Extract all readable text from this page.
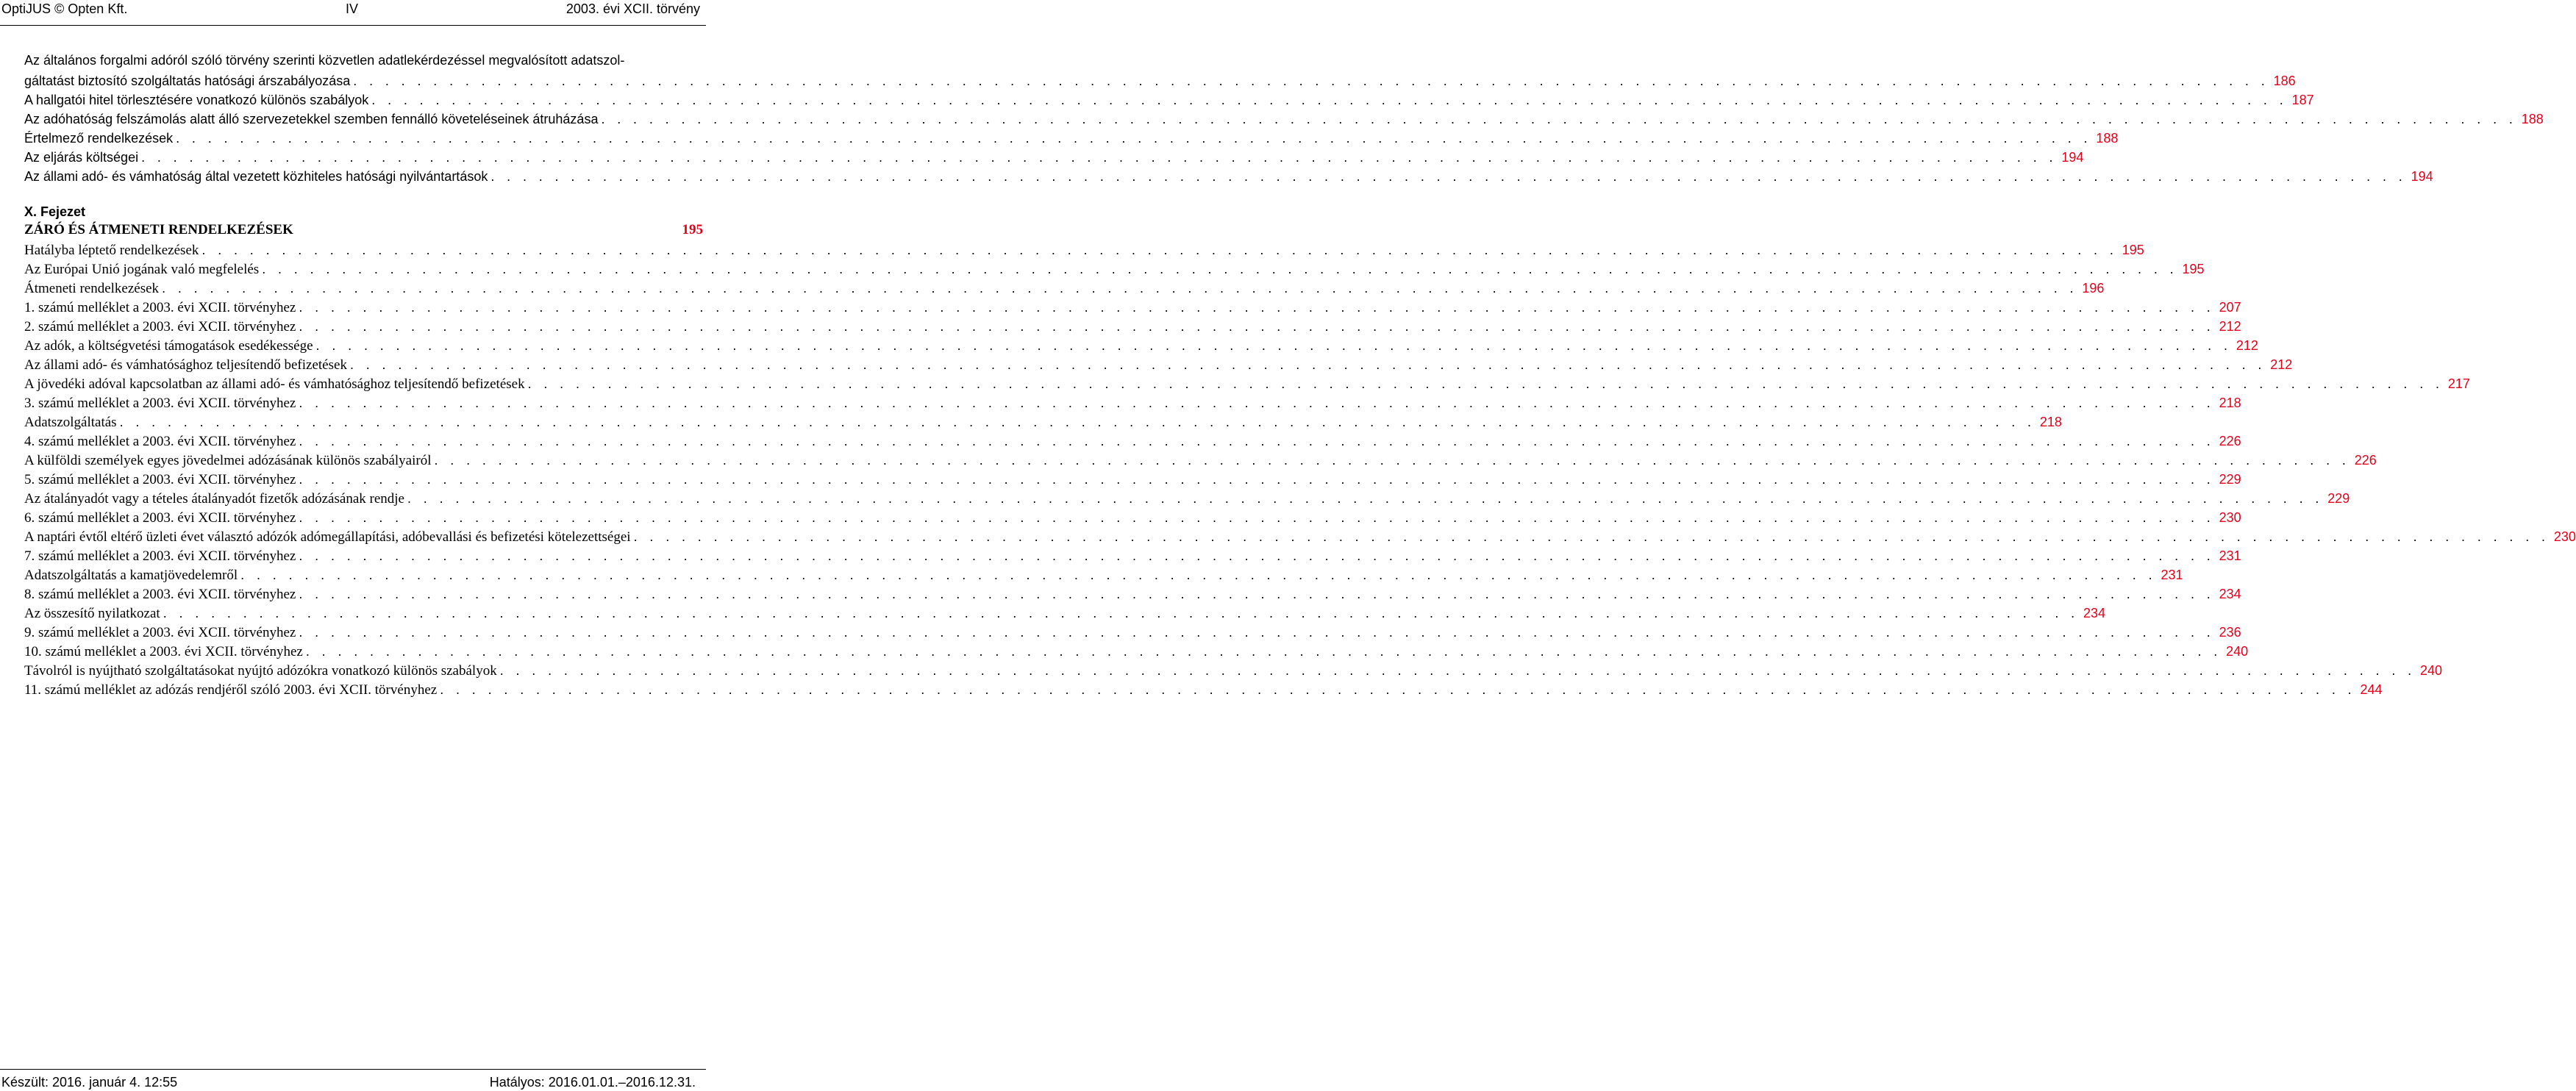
OptiJUS © Opten Kft.	IV	2003. évi XCII. törvény
Az általános forgalmi adóról szóló törvény szerinti közvetlen adatlekérdezéssel megvalósított adatszol-
gáltatást biztosító szolgáltatás hatósági árszabályozása . . . . . . . . . . . . . . . . . . . . . . . . . . . . . . . . . . . . . . . . . . . . . . . . . . . . . . . . . . . . . . . . . . . . . . . . . . . . . . . . . . . . . . . . . . . . . . . . . . . . . . . . . . . . . . . . . . . . . . . . 186
A hallgatói hitel törlesztésére vonatkozó különös szabályok . . . . . . . . . . . . . . . . . . . . . . . . . . . . . . . . . . . . . . . . . . . . . . . . . . . . . . . . . . . . . . . . . . . . . . . . . . . . . . . . . . . . . . . . . . . . . . . . . . . . . . . . . . . . . . . . . . . . . . . . 187
Az adóhatóság felszámolás alatt álló szervezetekkel szemben fennálló követeléseinek átruházása . . . . . . . . . . . . . . . . . . . . . . . . . . . . . . . . . . . . . . . . . . . . . . . . . . . . . . . . . . . . . . . . . . . . . . . . . . . . . . . . . . . . . . . . . . . . . . . . . . . . . . . . . . . . . . . . . . . . . . . . 188
Értelmező rendelkezések . . . . . . . . . . . . . . . . . . . . . . . . . . . . . . . . . . . . . . . . . . . . . . . . . . . . . . . . . . . . . . . . . . . . . . . . . . . . . . . . . . . . . . . . . . . . . . . . . . . . . . . . . . . . . . . . . . . . . . . . 188
Az eljárás költségei . . . . . . . . . . . . . . . . . . . . . . . . . . . . . . . . . . . . . . . . . . . . . . . . . . . . . . . . . . . . . . . . . . . . . . . . . . . . . . . . . . . . . . . . . . . . . . . . . . . . . . . . . . . . . . . . . . . . . . . . 194
Az állami adó- és vámhatóság által vezetett közhiteles hatósági nyilvántartások . . . . . . . . . . . . . . . . . . . . . . . . . . . . . . . . . . . . . . . . . . . . . . . . . . . . . . . . . . . . . . . . . . . . . . . . . . . . . . . . . . . . . . . . . . . . . . . . . . . . . . . . . . . . . . . . . . . . . . . . 194
X. Fejezet
ZÁRÓ ÉS ÁTMENETI RENDELKEZÉSEK	195
Hatályba léptető rendelkezések . . . . . . . . . . . . . . . . . . . . . . . . . . . . . . . . . . . . . . . . . . . . . . . . . . . . . . . . . . . . . . . . . . . . . . . . . . . . . . . . . . . . . . . . . . . . . . . . . . . . . . . . . . . . . . . . . . . . . . . . 195
Az Európai Unió jogának való megfelelés . . . . . . . . . . . . . . . . . . . . . . . . . . . . . . . . . . . . . . . . . . . . . . . . . . . . . . . . . . . . . . . . . . . . . . . . . . . . . . . . . . . . . . . . . . . . . . . . . . . . . . . . . . . . . . . . . . . . . . . . 195
Átmeneti rendelkezések . . . . . . . . . . . . . . . . . . . . . . . . . . . . . . . . . . . . . . . . . . . . . . . . . . . . . . . . . . . . . . . . . . . . . . . . . . . . . . . . . . . . . . . . . . . . . . . . . . . . . . . . . . . . . . . . . . . . . . . . 196
1. számú melléklet a 2003. évi XCII. törvényhez . . . . . . . . . . . . . . . . . . . . . . . . . . . . . . . . . . . . . . . . . . . . . . . . . . . . . . . . . . . . . . . . . . . . . . . . . . . . . . . . . . . . . . . . . . . . . . . . . . . . . . . . . . . . . . . . . . . . . . . . 207
2. számú melléklet a 2003. évi XCII. törvényhez . . . . . . . . . . . . . . . . . . . . . . . . . . . . . . . . . . . . . . . . . . . . . . . . . . . . . . . . . . . . . . . . . . . . . . . . . . . . . . . . . . . . . . . . . . . . . . . . . . . . . . . . . . . . . . . . . . . . . . . . 212
Az adók, a költségvetési támogatások esedékessége . . . . . . . . . . . . . . . . . . . . . . . . . . . . . . . . . . . . . . . . . . . . . . . . . . . . . . . . . . . . . . . . . . . . . . . . . . . . . . . . . . . . . . . . . . . . . . . . . . . . . . . . . . . . . . . . . . . . . . . . 212
Az állami adó- és vámhatósághoz teljesítendő befizetések . . . . . . . . . . . . . . . . . . . . . . . . . . . . . . . . . . . . . . . . . . . . . . . . . . . . . . . . . . . . . . . . . . . . . . . . . . . . . . . . . . . . . . . . . . . . . . . . . . . . . . . . . . . . . . . . . . . . . . . . 212
A jövedéki adóval kapcsolatban az állami adó- és vámhatósághoz teljesítendő befizetések . . . . . . . . . . . . . . . . . . . . . . . . . . . . . . . . . . . . . . . . . . . . . . . . . . . . . . . . . . . . . . . . . . . . . . . . . . . . . . . . . . . . . . . . . . . . . . . . . . . . . . . . . . . . . . . . . . . . . . . . 217
3. számú melléklet a 2003. évi XCII. törvényhez . . . . . . . . . . . . . . . . . . . . . . . . . . . . . . . . . . . . . . . . . . . . . . . . . . . . . . . . . . . . . . . . . . . . . . . . . . . . . . . . . . . . . . . . . . . . . . . . . . . . . . . . . . . . . . . . . . . . . . . . 218
Adatszolgáltatás . . . . . . . . . . . . . . . . . . . . . . . . . . . . . . . . . . . . . . . . . . . . . . . . . . . . . . . . . . . . . . . . . . . . . . . . . . . . . . . . . . . . . . . . . . . . . . . . . . . . . . . . . . . . . . . . . . . . . . . . 218
4. számú melléklet a 2003. évi XCII. törvényhez . . . . . . . . . . . . . . . . . . . . . . . . . . . . . . . . . . . . . . . . . . . . . . . . . . . . . . . . . . . . . . . . . . . . . . . . . . . . . . . . . . . . . . . . . . . . . . . . . . . . . . . . . . . . . . . . . . . . . . . . 226
A külföldi személyek egyes jövedelmei adózásának különös szabályairól . . . . . . . . . . . . . . . . . . . . . . . . . . . . . . . . . . . . . . . . . . . . . . . . . . . . . . . . . . . . . . . . . . . . . . . . . . . . . . . . . . . . . . . . . . . . . . . . . . . . . . . . . . . . . . . . . . . . . . . . 226
5. számú melléklet a 2003. évi XCII. törvényhez . . . . . . . . . . . . . . . . . . . . . . . . . . . . . . . . . . . . . . . . . . . . . . . . . . . . . . . . . . . . . . . . . . . . . . . . . . . . . . . . . . . . . . . . . . . . . . . . . . . . . . . . . . . . . . . . . . . . . . . . 229
Az átalányadót vagy a tételes átalányadót fizetők adózásának rendje . . . . . . . . . . . . . . . . . . . . . . . . . . . . . . . . . . . . . . . . . . . . . . . . . . . . . . . . . . . . . . . . . . . . . . . . . . . . . . . . . . . . . . . . . . . . . . . . . . . . . . . . . . . . . . . . . . . . . . . . 229
6. számú melléklet a 2003. évi XCII. törvényhez . . . . . . . . . . . . . . . . . . . . . . . . . . . . . . . . . . . . . . . . . . . . . . . . . . . . . . . . . . . . . . . . . . . . . . . . . . . . . . . . . . . . . . . . . . . . . . . . . . . . . . . . . . . . . . . . . . . . . . . . 230
A naptári évtől eltérő üzleti évet választó adózók adómegállapítási, adóbevallási és befizetési kötelezettségei . . . . . . . . . . . . . . . . . . . . . . . . . . . . . . . . . . . . . . . . . . . . . . . . . . . . . . . . . . . . . . . . . . . . . . . . . . . . . . . . . . . . . . . . . . . . . . . . . . . . . . . . . . . . . . . . . . . . . . . . 230
7. számú melléklet a 2003. évi XCII. törvényhez . . . . . . . . . . . . . . . . . . . . . . . . . . . . . . . . . . . . . . . . . . . . . . . . . . . . . . . . . . . . . . . . . . . . . . . . . . . . . . . . . . . . . . . . . . . . . . . . . . . . . . . . . . . . . . . . . . . . . . . . 231
Adatszolgáltatás a kamatjövedelemről . . . . . . . . . . . . . . . . . . . . . . . . . . . . . . . . . . . . . . . . . . . . . . . . . . . . . . . . . . . . . . . . . . . . . . . . . . . . . . . . . . . . . . . . . . . . . . . . . . . . . . . . . . . . . . . . . . . . . . . . 231
8. számú melléklet a 2003. évi XCII. törvényhez . . . . . . . . . . . . . . . . . . . . . . . . . . . . . . . . . . . . . . . . . . . . . . . . . . . . . . . . . . . . . . . . . . . . . . . . . . . . . . . . . . . . . . . . . . . . . . . . . . . . . . . . . . . . . . . . . . . . . . . . 234
Az összesítő nyilatkozat . . . . . . . . . . . . . . . . . . . . . . . . . . . . . . . . . . . . . . . . . . . . . . . . . . . . . . . . . . . . . . . . . . . . . . . . . . . . . . . . . . . . . . . . . . . . . . . . . . . . . . . . . . . . . . . . . . . . . . . . 234
9. számú melléklet a 2003. évi XCII. törvényhez . . . . . . . . . . . . . . . . . . . . . . . . . . . . . . . . . . . . . . . . . . . . . . . . . . . . . . . . . . . . . . . . . . . . . . . . . . . . . . . . . . . . . . . . . . . . . . . . . . . . . . . . . . . . . . . . . . . . . . . . 236
10. számú melléklet a 2003. évi XCII. törvényhez . . . . . . . . . . . . . . . . . . . . . . . . . . . . . . . . . . . . . . . . . . . . . . . . . . . . . . . . . . . . . . . . . . . . . . . . . . . . . . . . . . . . . . . . . . . . . . . . . . . . . . . . . . . . . . . . . . . . . . . . 240
Távolról is nyújtható szolgáltatásokat nyújtó adózókra vonatkozó különös szabályok . . . . . . . . . . . . . . . . . . . . . . . . . . . . . . . . . . . . . . . . . . . . . . . . . . . . . . . . . . . . . . . . . . . . . . . . . . . . . . . . . . . . . . . . . . . . . . . . . . . . . . . . . . . . . . . . . . . . . . . . 240
11. számú melléklet az adózás rendjéről szóló 2003. évi XCII. törvényhez . . . . . . . . . . . . . . . . . . . . . . . . . . . . . . . . . . . . . . . . . . . . . . . . . . . . . . . . . . . . . . . . . . . . . . . . . . . . . . . . . . . . . . . . . . . . . . . . . . . . . . . . . . . . . . . . . . . . . . . . 244
Készült: 2016. január 4. 12:55	Hatályos: 2016.01.01.–2016.12.31.
